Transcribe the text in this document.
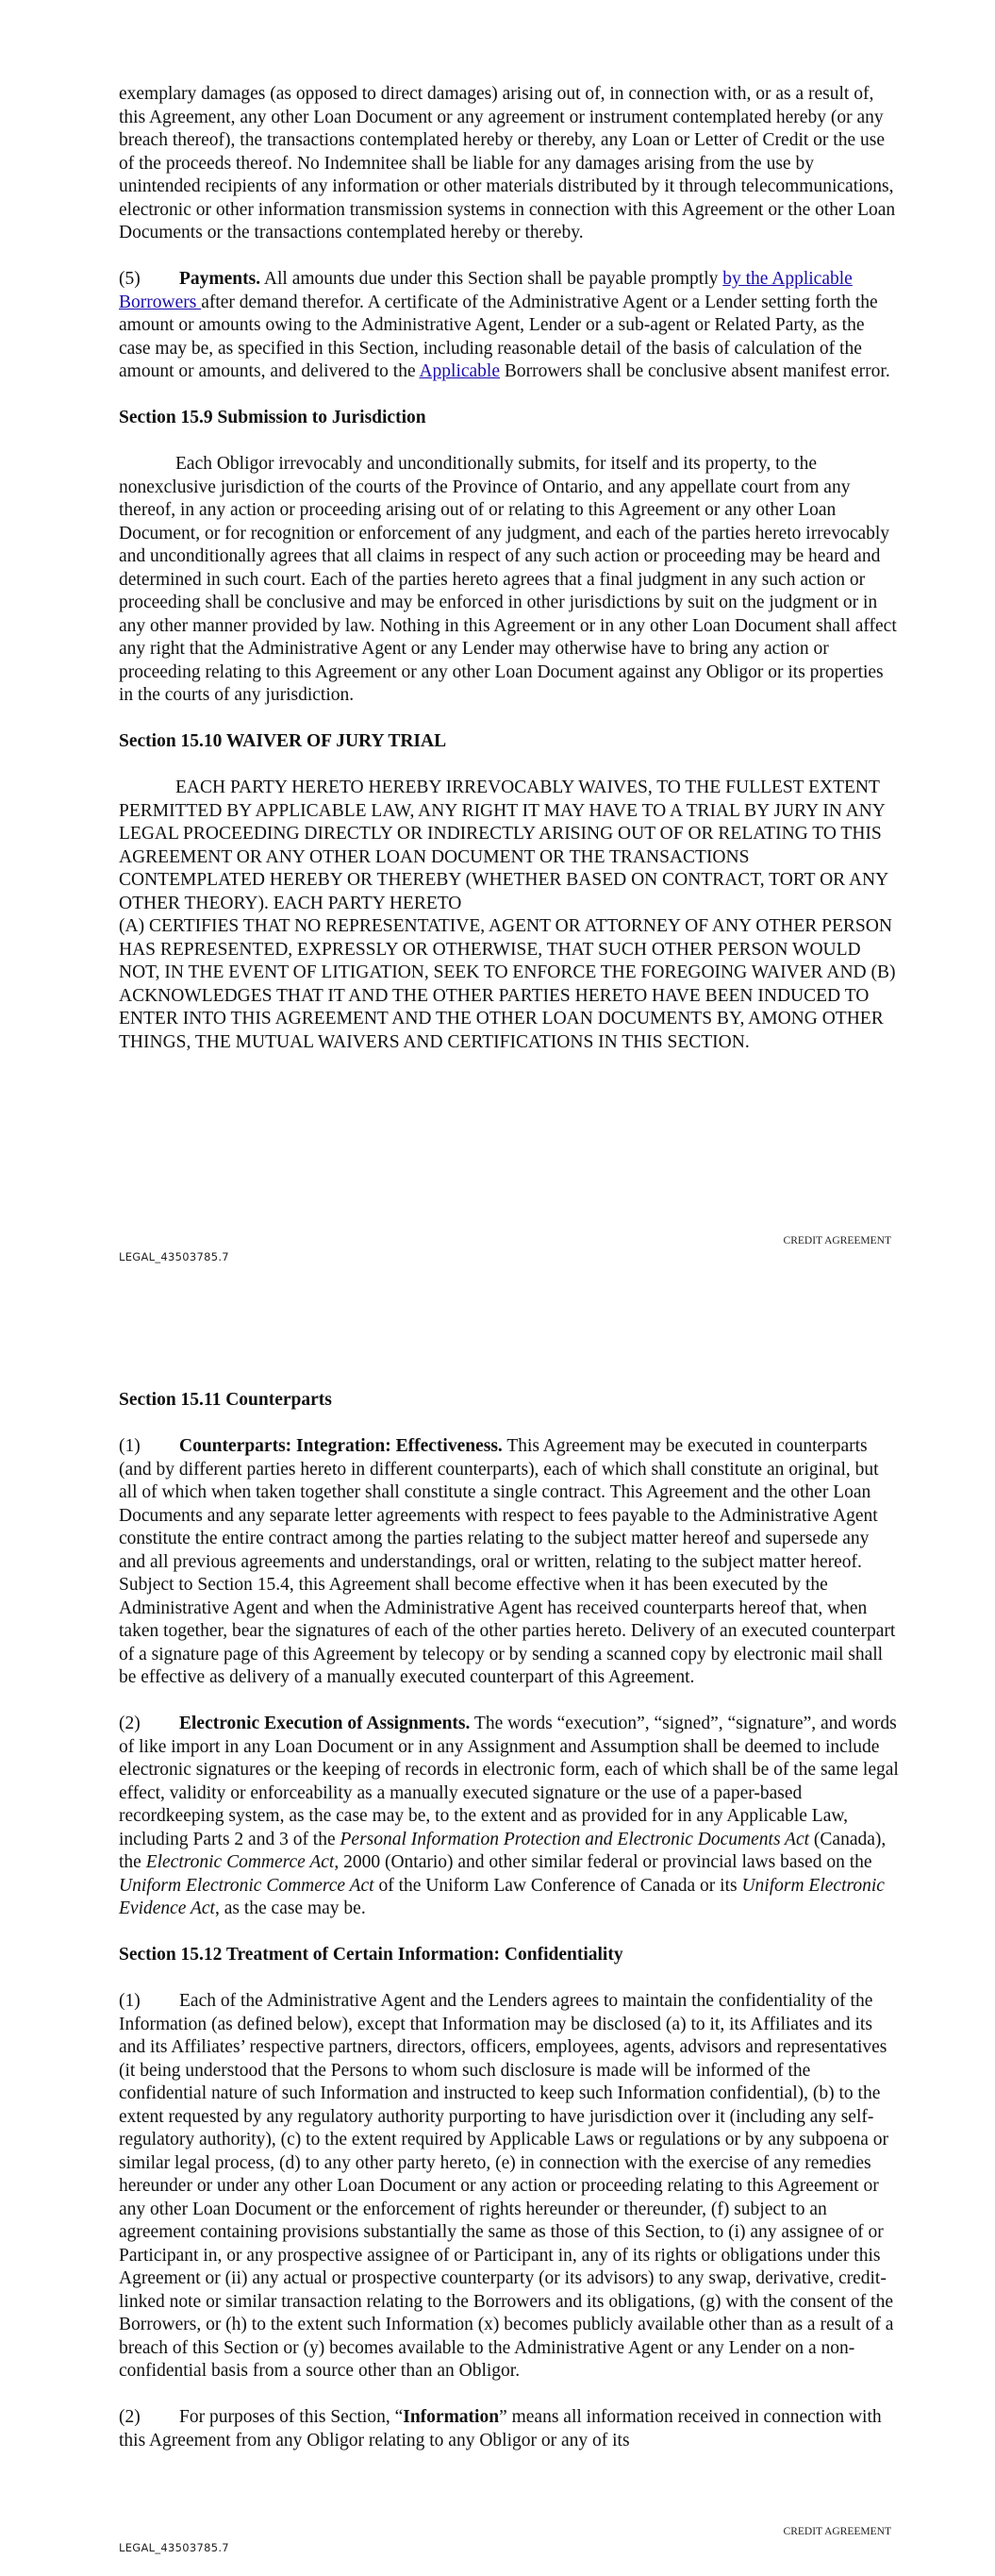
exemplary damages (as opposed to direct damages) arising out of, in connection with, or as a result of, this Agreement, any other Loan Document or any agreement or instrument contemplated hereby (or any breach thereof), the transactions contemplated hereby or thereby, any Loan or Letter of Credit or the use of the proceeds thereof. No Indemnitee shall be liable for any damages arising from the use by unintended recipients of any information or other materials distributed by it through telecommunications, electronic or other information transmission systems in connection with this Agreement or the other Loan Documents or the transactions contemplated hereby or thereby.

(5) Payments. All amounts due under this Section shall be payable promptly by the Applicable Borrowers after demand therefor. A certificate of the Administrative Agent or a Lender setting forth the amount or amounts owing to the Administrative Agent, Lender or a sub-agent or Related Party, as the case may be, as specified in this Section, including reasonable detail of the basis of calculation of the amount or amounts, and delivered to the Applicable Borrowers shall be conclusive absent manifest error.

Section 15.9 Submission to Jurisdiction

Each Obligor irrevocably and unconditionally submits, for itself and its property, to the nonexclusive jurisdiction of the courts of the Province of Ontario, and any appellate court from any thereof, in any action or proceeding arising out of or relating to this Agreement or any other Loan Document, or for recognition or enforcement of any judgment, and each of the parties hereto irrevocably and unconditionally agrees that all claims in respect of any such action or proceeding may be heard and determined in such court. Each of the parties hereto agrees that a final judgment in any such action or proceeding shall be conclusive and may be enforced in other jurisdictions by suit on the judgment or in any other manner provided by law. Nothing in this Agreement or in any other Loan Document shall affect any right that the Administrative Agent or any Lender may otherwise have to bring any action or proceeding relating to this Agreement or any other Loan Document against any Obligor or its properties in the courts of any jurisdiction.

Section 15.10 WAIVER OF JURY TRIAL

EACH PARTY HERETO HEREBY IRREVOCABLY WAIVES, TO THE FULLEST EXTENT PERMITTED BY APPLICABLE LAW, ANY RIGHT IT MAY HAVE TO A TRIAL BY JURY IN ANY LEGAL PROCEEDING DIRECTLY OR INDIRECTLY ARISING OUT OF OR RELATING TO THIS AGREEMENT OR ANY OTHER LOAN DOCUMENT OR THE TRANSACTIONS CONTEMPLATED HEREBY OR THEREBY (WHETHER BASED ON CONTRACT, TORT OR ANY OTHER THEORY). EACH PARTY HERETO

(A) CERTIFIES THAT NO REPRESENTATIVE, AGENT OR ATTORNEY OF ANY OTHER PERSON HAS REPRESENTED, EXPRESSLY OR OTHERWISE, THAT SUCH OTHER PERSON WOULD NOT, IN THE EVENT OF LITIGATION, SEEK TO ENFORCE THE FOREGOING WAIVER AND (B) ACKNOWLEDGES THAT IT AND THE OTHER PARTIES HERETO HAVE BEEN INDUCED TO ENTER INTO THIS AGREEMENT AND THE OTHER LOAN DOCUMENTS BY, AMONG OTHER THINGS, THE MUTUAL WAIVERS AND CERTIFICATIONS IN THIS SECTION.

CREDIT AGREEMENT
LEGAL_43503785.7

Section 15.11 Counterparts

(1) Counterparts: Integration: Effectiveness. This Agreement may be executed in counterparts (and by different parties hereto in different counterparts), each of which shall constitute an original, but all of which when taken together shall constitute a single contract. This Agreement and the other Loan Documents and any separate letter agreements with respect to fees payable to the Administrative Agent constitute the entire contract among the parties relating to the subject matter hereof and supersede any and all previous agreements and understandings, oral or written, relating to the subject matter hereof. Subject to Section 15.4, this Agreement shall become effective when it has been executed by the Administrative Agent and when the Administrative Agent has received counterparts hereof that, when taken together, bear the signatures of each of the other parties hereto. Delivery of an executed counterpart of a signature page of this Agreement by telecopy or by sending a scanned copy by electronic mail shall be effective as delivery of a manually executed counterpart of this Agreement.

(2) Electronic Execution of Assignments. The words “execution”, “signed”, “signature”, and words of like import in any Loan Document or in any Assignment and Assumption shall be deemed to include electronic signatures or the keeping of records in electronic form, each of which shall be of the same legal effect, validity or enforceability as a manually executed signature or the use of a paper-based recordkeeping system, as the case may be, to the extent and as provided for in any Applicable Law, including Parts 2 and 3 of the Personal Information Protection and Electronic Documents Act (Canada), the Electronic Commerce Act, 2000 (Ontario) and other similar federal or provincial laws based on the Uniform Electronic Commerce Act of the Uniform Law Conference of Canada or its Uniform Electronic Evidence Act, as the case may be.

Section 15.12 Treatment of Certain Information: Confidentiality

(1) Each of the Administrative Agent and the Lenders agrees to maintain the confidentiality of the Information (as defined below), except that Information may be disclosed (a) to it, its Affiliates and its and its Affiliates’ respective partners, directors, officers, employees, agents, advisors and representatives (it being understood that the Persons to whom such disclosure is made will be informed of the confidential nature of such Information and instructed to keep such Information confidential), (b) to the extent requested by any regulatory authority purporting to have jurisdiction over it (including any self-regulatory authority), (c) to the extent required by Applicable Laws or regulations or by any subpoena or similar legal process, (d) to any other party hereto, (e) in connection with the exercise of any remedies hereunder or under any other Loan Document or any action or proceeding relating to this Agreement or any other Loan Document or the enforcement of rights hereunder or thereunder, (f) subject to an agreement containing provisions substantially the same as those of this Section, to (i) any assignee of or Participant in, or any prospective assignee of or Participant in, any of its rights or obligations under this Agreement or (ii) any actual or prospective counterparty (or its advisors) to any swap, derivative, credit-linked note or similar transaction relating to the Borrowers and its obligations, (g) with the consent of the Borrowers, or (h) to the extent such Information (x) becomes publicly available other than as a result of a breach of this Section or (y) becomes available to the Administrative Agent or any Lender on a non-confidential basis from a source other than an Obligor.

(2) For purposes of this Section, “Information” means all information received in connection with this Agreement from any Obligor relating to any Obligor or any of its

CREDIT AGREEMENT
LEGAL_43503785.7
